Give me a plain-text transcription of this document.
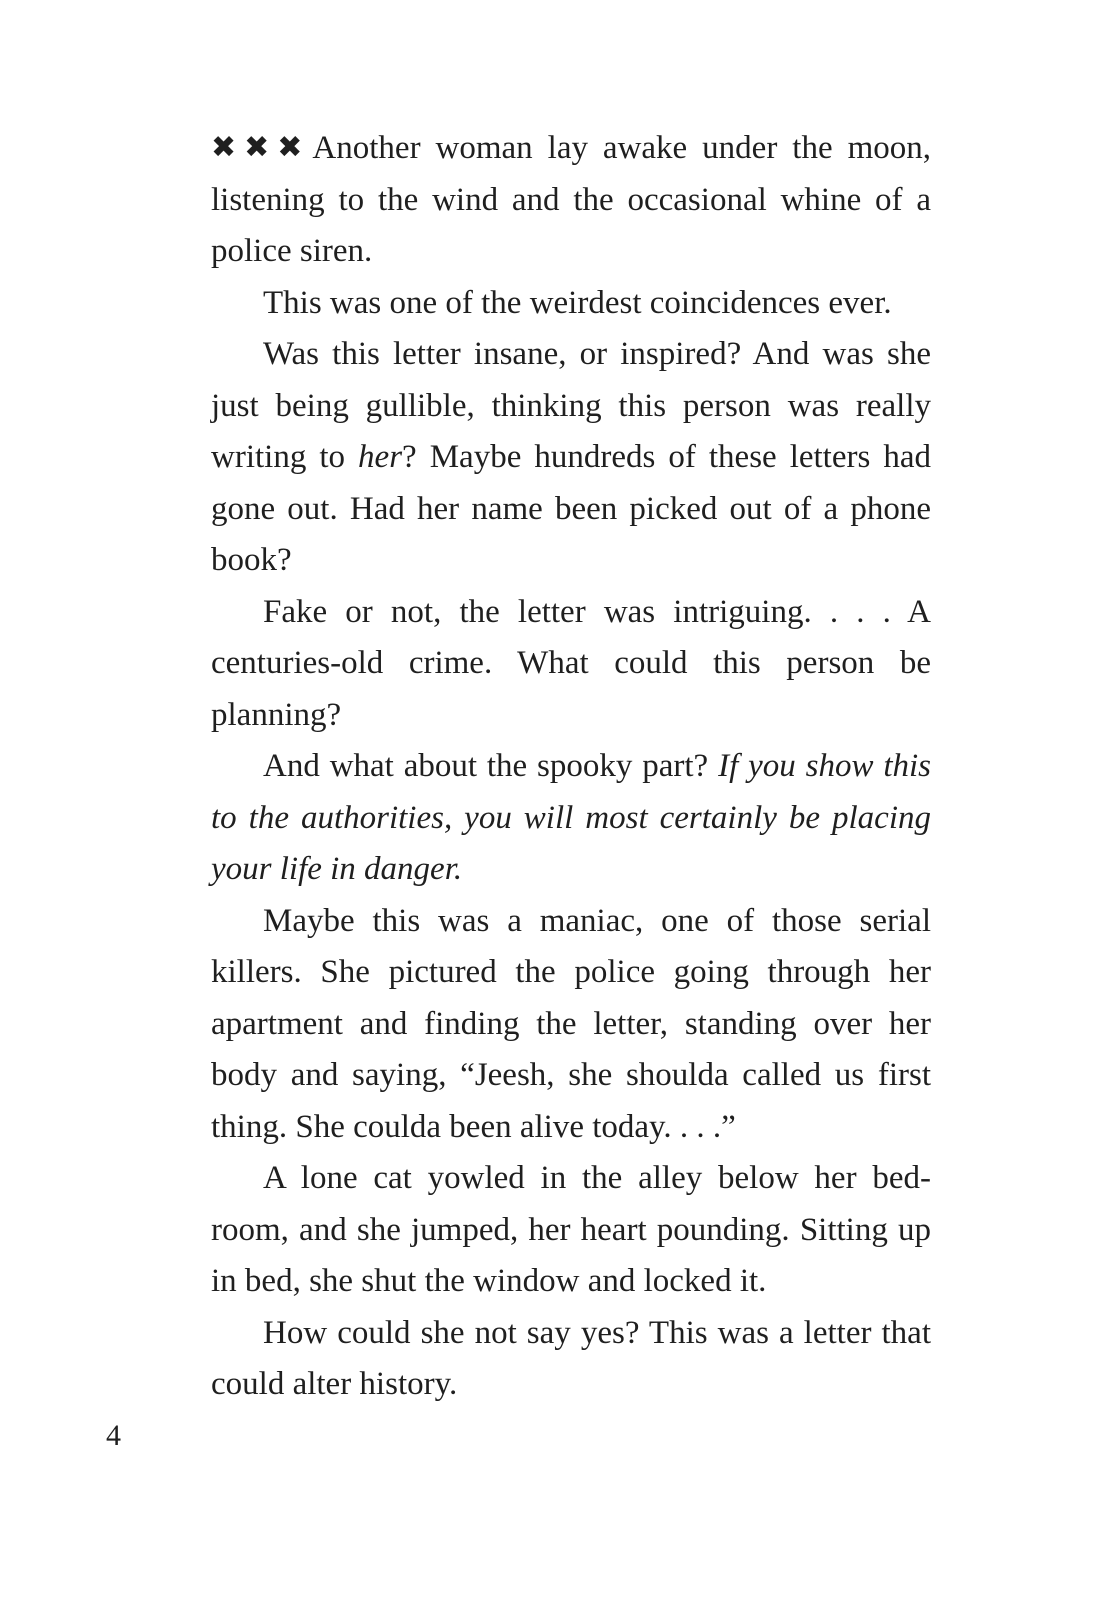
✖✖✖Another woman lay awake under the moon, listening to the wind and the occasional whine of a police siren.

This was one of the weirdest coincidences ever.

Was this letter insane, or inspired? And was she just being gullible, thinking this person was really writing to her? Maybe hundreds of these letters had gone out. Had her name been picked out of a phone book?

Fake or not, the letter was intriguing. . . . A centuries-old crime. What could this person be planning?

And what about the spooky part? If you show this to the authorities, you will most certainly be placing your life in danger.

Maybe this was a maniac, one of those serial killers. She pictured the police going through her apartment and finding the letter, standing over her body and saying, “Jeesh, she shoulda called us first thing. She coulda been alive today. . . .”

A lone cat yowled in the alley below her bed-room, and she jumped, her heart pounding. Sitting up in bed, she shut the window and locked it.

How could she not say yes? This was a letter that could alter history.

4
